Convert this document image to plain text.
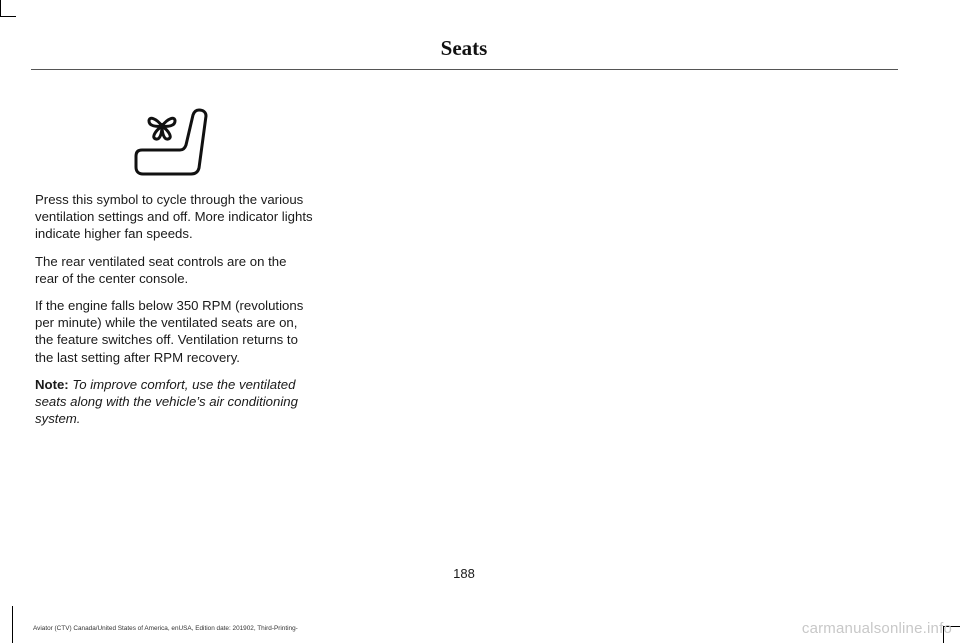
Seats

Press this symbol to cycle through the various ventilation settings and off. More indicator lights indicate higher fan speeds.

The rear ventilated seat controls are on the rear of the center console.

If the engine falls below 350 RPM (revolutions per minute) while the ventilated seats are on, the feature switches off. Ventilation returns to the last setting after RPM recovery.

Note: To improve comfort, use the ventilated seats along with the vehicle’s air conditioning system.

188
Aviator (CTV) Canada/United States of America, enUSA, Edition date: 201902, Third-Printing-	carmanualsonline.info
